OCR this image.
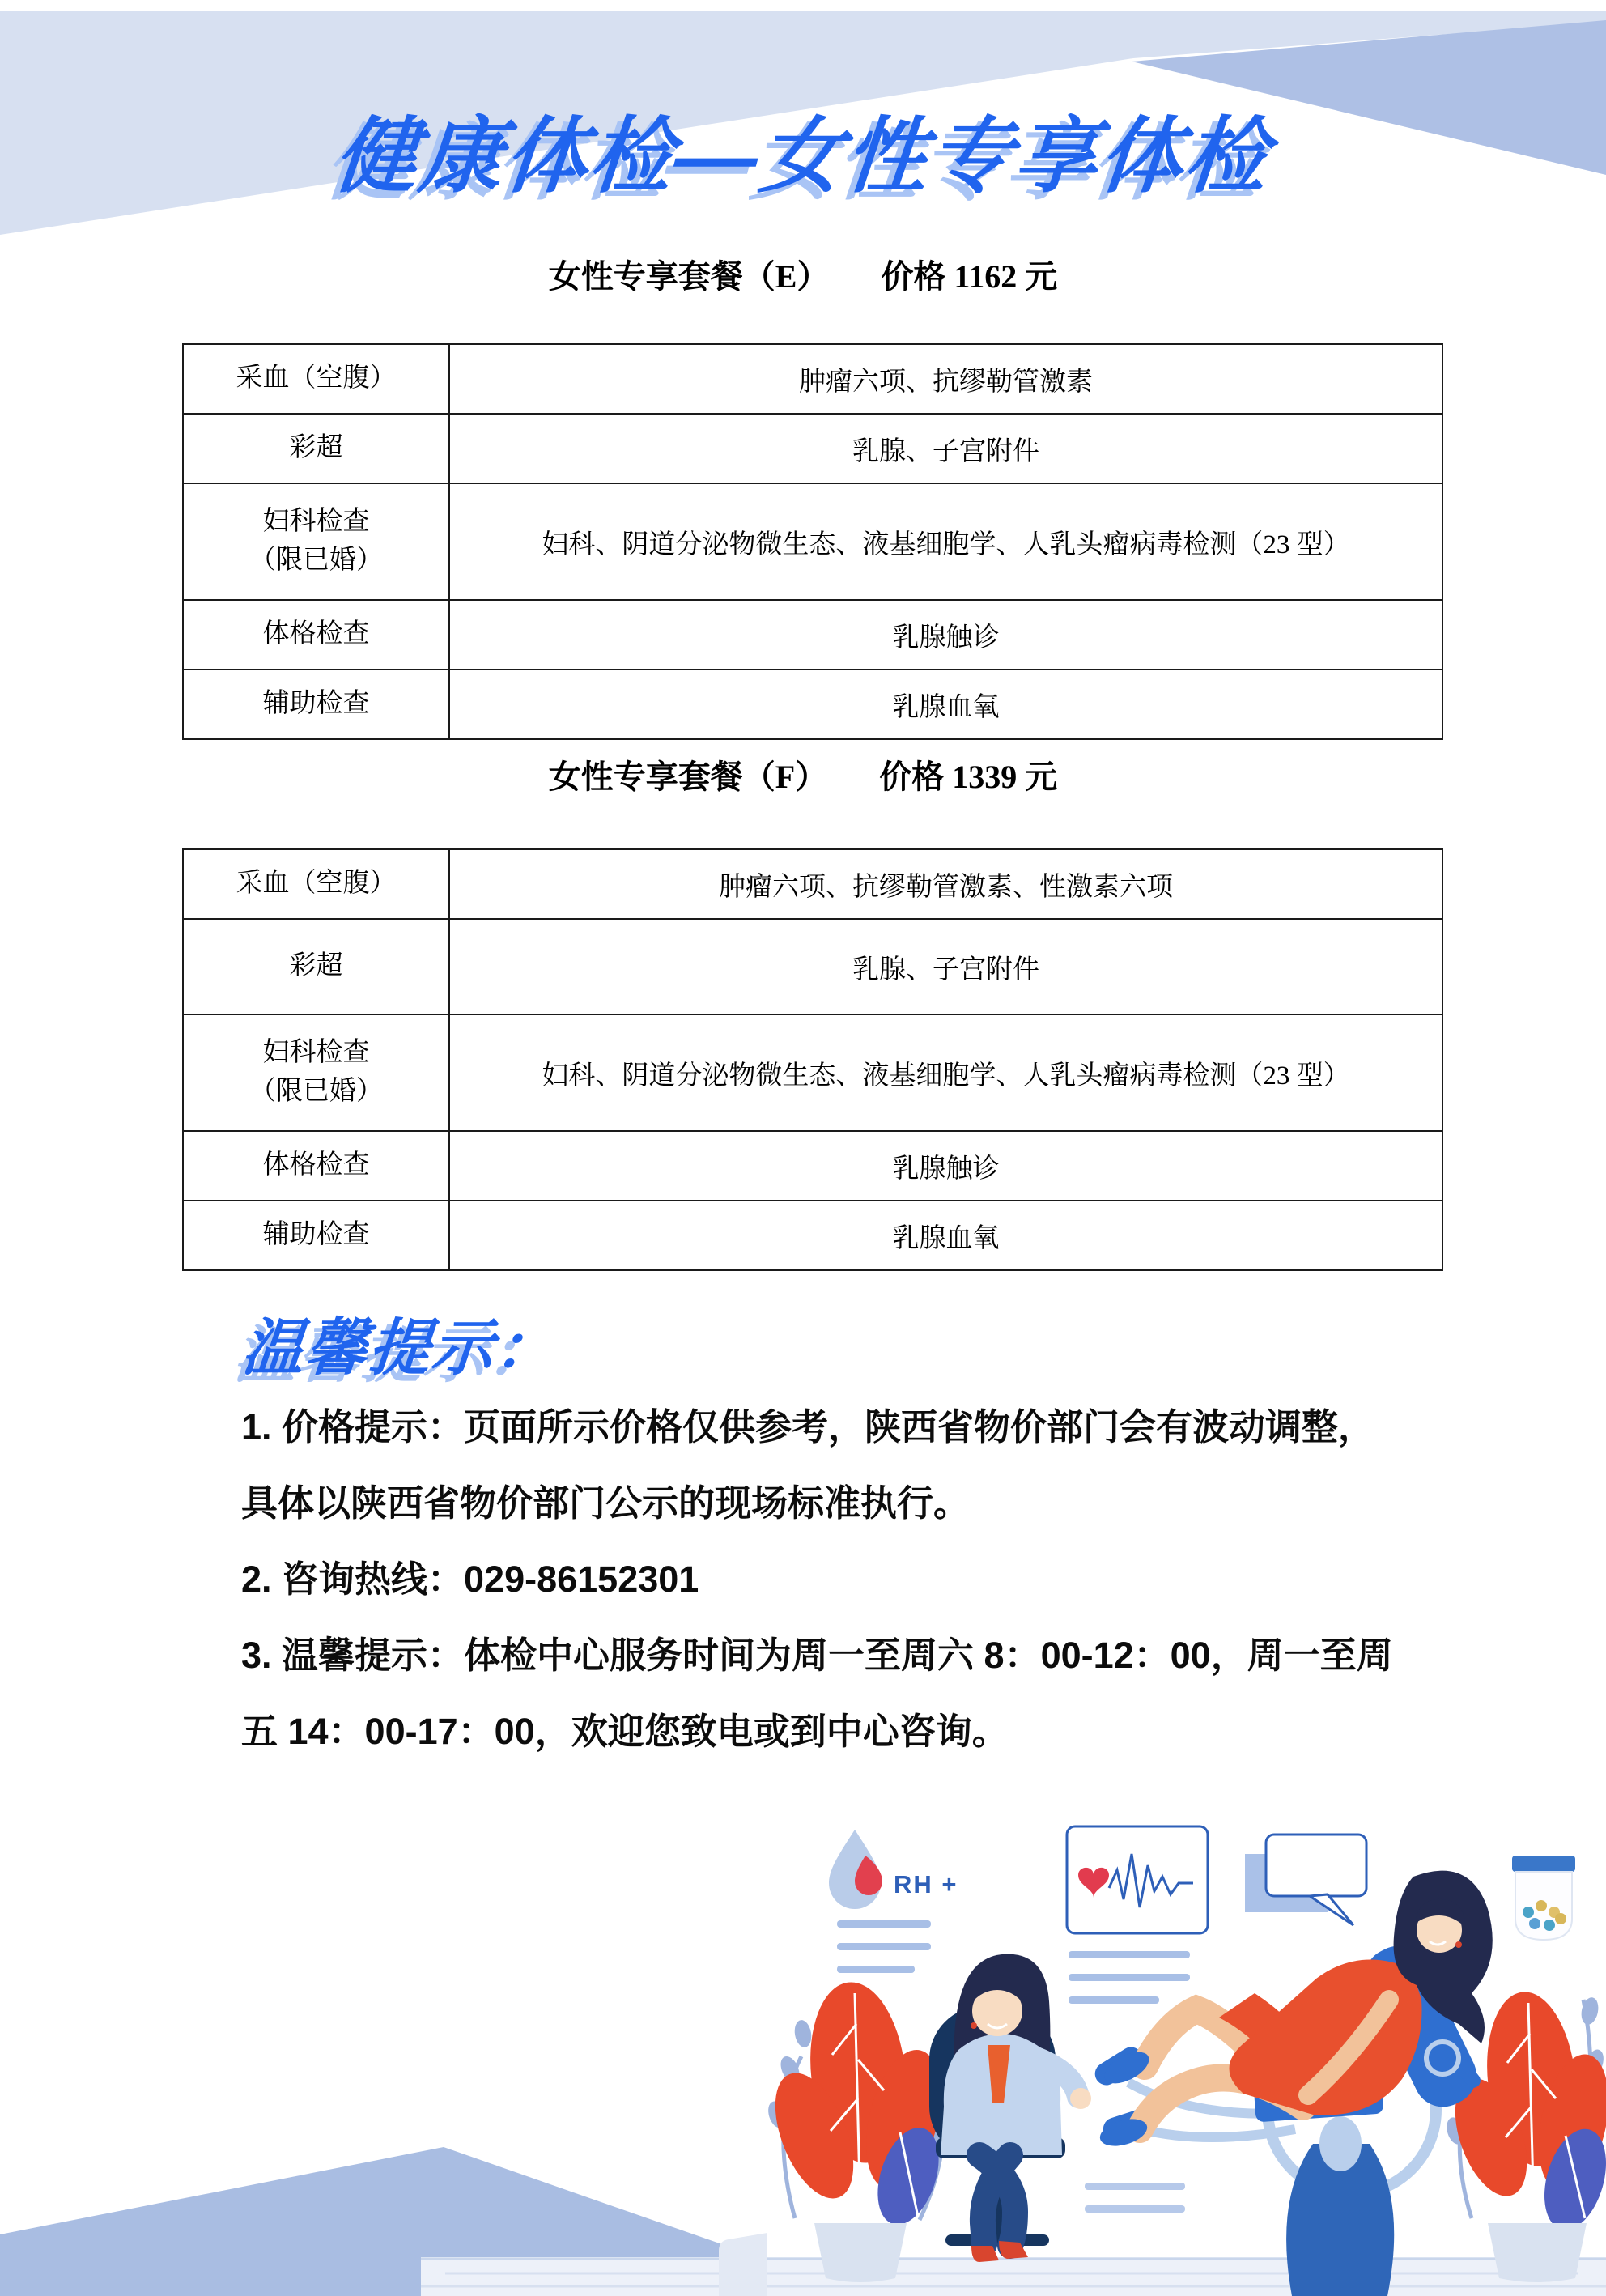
健康体检—女性专享体检
女性专享套餐（E） 价格 1162 元
采血（空腹）	肿瘤六项、抗缪勒管激素

彩超	乳腺、子宫附件

妇科检查
（限已婚）	妇科、阴道分泌物微生态、液基细胞学、人乳头瘤病毒检测（23 型）

体格检查	乳腺触诊

辅助检查	乳腺血氧
女性专享套餐（F） 价格 1339 元
采血（空腹）	肿瘤六项、抗缪勒管激素、性激素六项

彩超	乳腺、子宫附件

妇科检查
（限已婚）	妇科、阴道分泌物微生态、液基细胞学、人乳头瘤病毒检测（23 型）

体格检查	乳腺触诊

辅助检查	乳腺血氧
温馨提示：

1. 价格提示：页面所示价格仅供参考，陕西省物价部门会有波动调整，具体以陕西省物价部门公示的现场标准执行。

2. 咨询热线：029-86152301

3. 温馨提示：体检中心服务时间为周一至周六 8：00-12：00，周一至周五 14：00-17：00，欢迎您致电或到中心咨询。

RH +
